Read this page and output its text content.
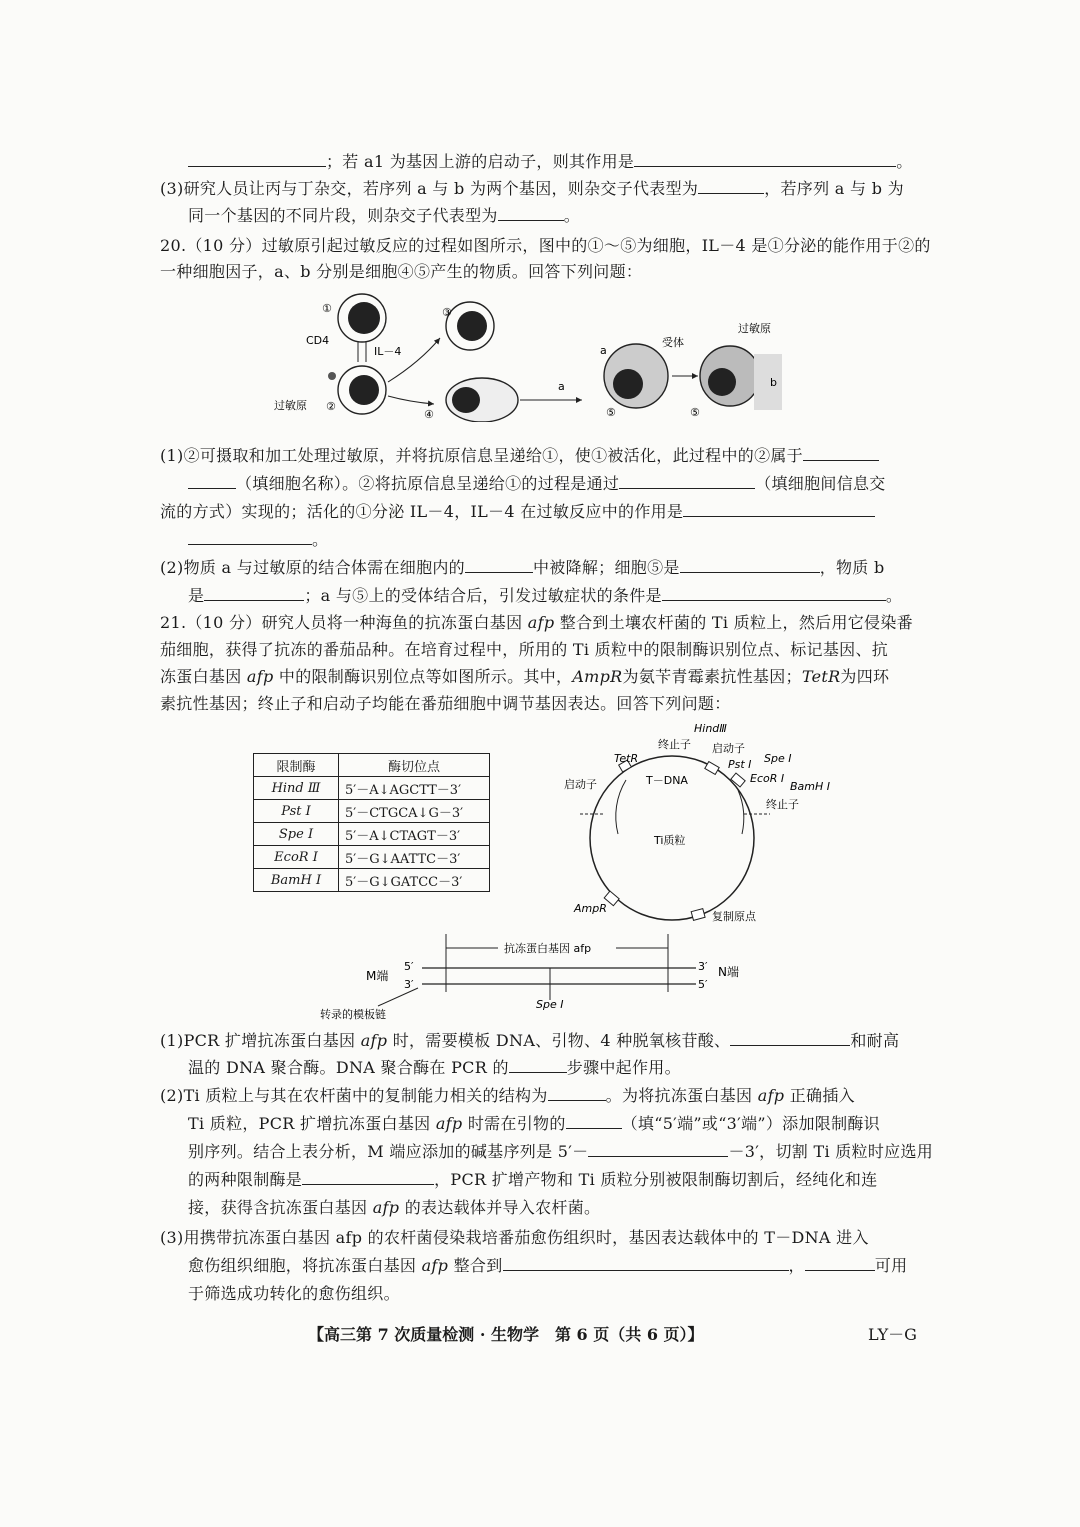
；若 a1 为基因上游的启动子，则其作用是	。
(3)研究人员让丙与丁杂交，若序列 a 与 b 为两个基因，则杂交子代表型为	，若序列 a 与 b 为
同一个基因的不同片段，则杂交子代表型为	。
20.（10 分）过敏原引起过敏反应的过程如图所示，图中的①～⑤为细胞，IL－4 是①分泌的能作用于②的
一种细胞因子，a、b 分别是细胞④⑤产生的物质。回答下列问题：
①
CD4
IL－4
过敏原 ②
③
④
a
a
受体
⑤
过敏原
b
⑤
(1)②可摄取和加工处理过敏原，并将抗原信息呈递给①，使①被活化，此过程中的②属于
（填细胞名称）。②将抗原信息呈递给①的过程是通过	（填细胞间信息交
流的方式）实现的；活化的①分泌 IL－4，IL－4 在过敏反应中的作用是
。
(2)物质 a 与过敏原的结合体需在细胞内的	中被降解；细胞⑤是	，物质 b
是	；a 与⑤上的受体结合后，引发过敏症状的条件是	。
21.（10 分）研究人员将一种海鱼的抗冻蛋白基因 afp 整合到土壤农杆菌的 Ti 质粒上，然后用它侵染番
茄细胞，获得了抗冻的番茄品种。在培育过程中，所用的 Ti 质粒中的限制酶识别位点、标记基因、抗
冻蛋白基因 afp 中的限制酶识别位点等如图所示。其中，AmpR为氨苄青霉素抗性基因；TetR为四环
素抗性基因；终止子和启动子均能在番茄细胞中调节基因表达。回答下列问题：
限制酶	酶切位点
Hind Ⅲ	5′－A↓AGCTT－3′
Pst Ⅰ	5′－CTGCA↓G－3′
Spe Ⅰ	5′－A↓CTAGT－3′
EcoR Ⅰ	5′－G↓AATTC－3′
BamH Ⅰ	5′－G↓GATCC－3′
HindⅢ
终止子 启动子
Spe Ⅰ
TetR	Pst Ⅰ
T－DNA	EcoR Ⅰ
BamH Ⅰ
启动子
终止子
Ti质粒
AmpR
复制原点
抗冻蛋白基因 afp
M端
5′
3′
3′
5′
N端
Spe Ⅰ
转录的模板链
(1)PCR 扩增抗冻蛋白基因 afp 时，需要模板 DNA、引物、4 种脱氧核苷酸、	和耐高
温的 DNA 聚合酶。DNA 聚合酶在 PCR 的	步骤中起作用。
(2)Ti 质粒上与其在农杆菌中的复制能力相关的结构为	。为将抗冻蛋白基因 afp 正确插入
Ti 质粒，PCR 扩增抗冻蛋白基因 afp 时需在引物的	（填“5′端”或“3′端”）添加限制酶识
别序列。结合上表分析，M 端应添加的碱基序列是 5′－	－3′，切割 Ti 质粒时应选用
的两种限制酶是	，PCR 扩增产物和 Ti 质粒分别被限制酶切割后，经纯化和连
接，获得含抗冻蛋白基因 afp 的表达载体并导入农杆菌。
(3)用携带抗冻蛋白基因 afp 的农杆菌侵染栽培番茄愈伤组织时，基因表达载体中的 T－DNA 进入
愈伤组织细胞，将抗冻蛋白基因 afp 整合到	，	可用
于筛选成功转化的愈伤组织。
【高三第 7 次质量检测 · 生物学　第 6 页（共 6 页）】	LY－G
